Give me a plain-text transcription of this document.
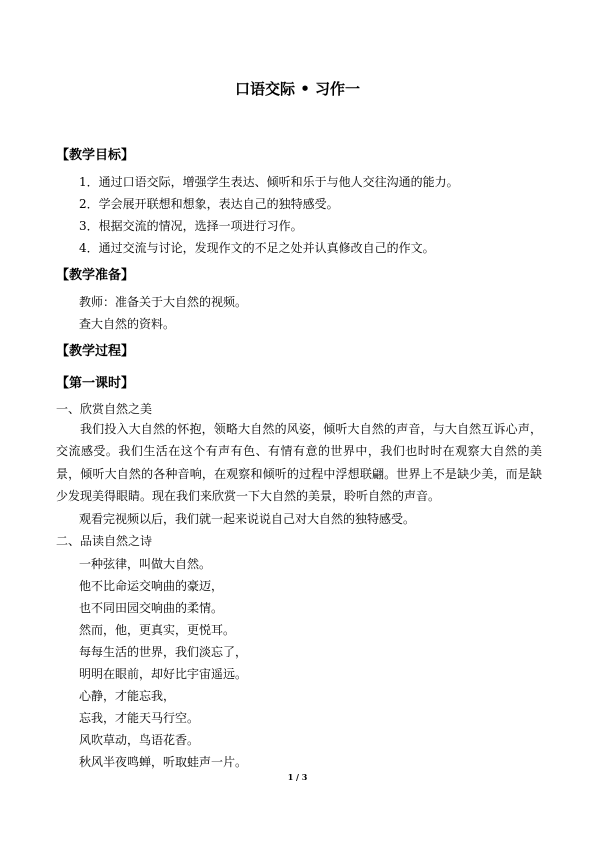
口语交际 • 习作一
【教学目标】
1．通过口语交际，增强学生表达、倾听和乐于与他人交往沟通的能力。
2．学会展开联想和想象，表达自己的独特感受。
3．根据交流的情况，选择一项进行习作。
4．通过交流与讨论，发现作文的不足之处并认真修改自己的作文。
【教学准备】
教师：准备关于大自然的视频。
查大自然的资料。
【教学过程】
【第一课时】
一、欣赏自然之美
我们投入大自然的怀抱，领略大自然的风姿，倾听大自然的声音，与大自然互诉心声，交流感受。我们生活在这个有声有色、有情有意的世界中，我们也时时在观察大自然的美景，倾听大自然的各种音响，在观察和倾听的过程中浮想联翩。世界上不是缺少美，而是缺少发现美得眼睛。现在我们来欣赏一下大自然的美景，聆听自然的声音。
观看完视频以后，我们就一起来说说自己对大自然的独特感受。
二、品读自然之诗
一种弦律，叫做大自然。
他不比命运交响曲的豪迈，
也不同田园交响曲的柔情。
然而，他，更真实，更悦耳。
每每生活的世界，我们淡忘了，
明明在眼前，却好比宇宙遥远。
心静，才能忘我，
忘我，才能天马行空。
风吹草动，鸟语花香。
秋风半夜鸣蝉，听取蛙声一片。
1 / 3
